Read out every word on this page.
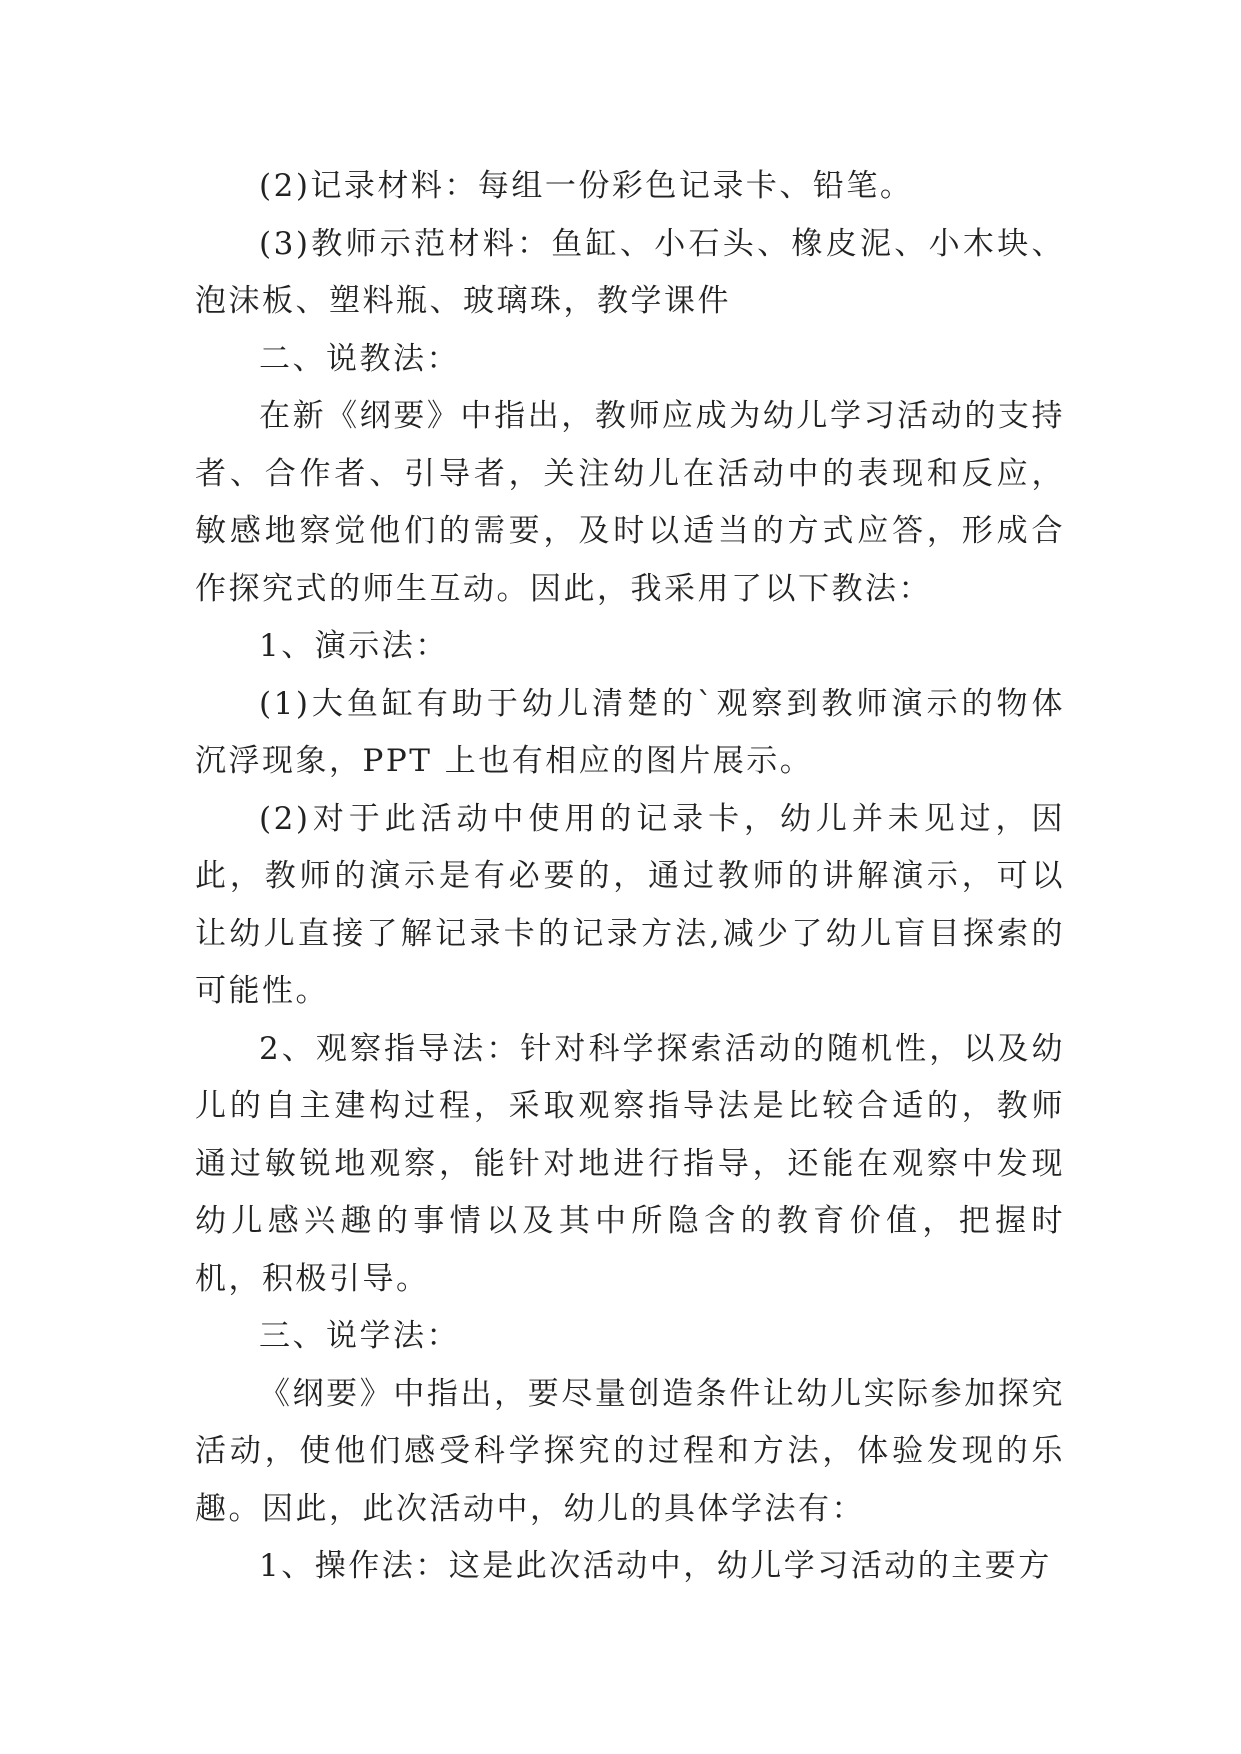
(2)记录材料：每组一份彩色记录卡、铅笔。

(3)教师示范材料：鱼缸、小石头、橡皮泥、小木块、泡沫板、塑料瓶、玻璃珠，教学课件

二、说教法：

在新《纲要》中指出，教师应成为幼儿学习活动的支持者、合作者、引导者，关注幼儿在活动中的表现和反应，敏感地察觉他们的需要，及时以适当的方式应答，形成合作探究式的师生互动。因此，我采用了以下教法：

1、演示法：

(1)大鱼缸有助于幼儿清楚的`观察到教师演示的物体沉浮现象，PPT 上也有相应的图片展示。

(2)对于此活动中使用的记录卡，幼儿并未见过，因此，教师的演示是有必要的，通过教师的讲解演示，可以让幼儿直接了解记录卡的记录方法,减少了幼儿盲目探索的可能性。

2、观察指导法：针对科学探索活动的随机性，以及幼儿的自主建构过程，采取观察指导法是比较合适的，教师通过敏锐地观察，能针对地进行指导，还能在观察中发现幼儿感兴趣的事情以及其中所隐含的教育价值，把握时机，积极引导。

三、说学法：

《纲要》中指出，要尽量创造条件让幼儿实际参加探究活动，使他们感受科学探究的过程和方法，体验发现的乐趣。因此，此次活动中，幼儿的具体学法有：

1、操作法：这是此次活动中，幼儿学习活动的主要方
